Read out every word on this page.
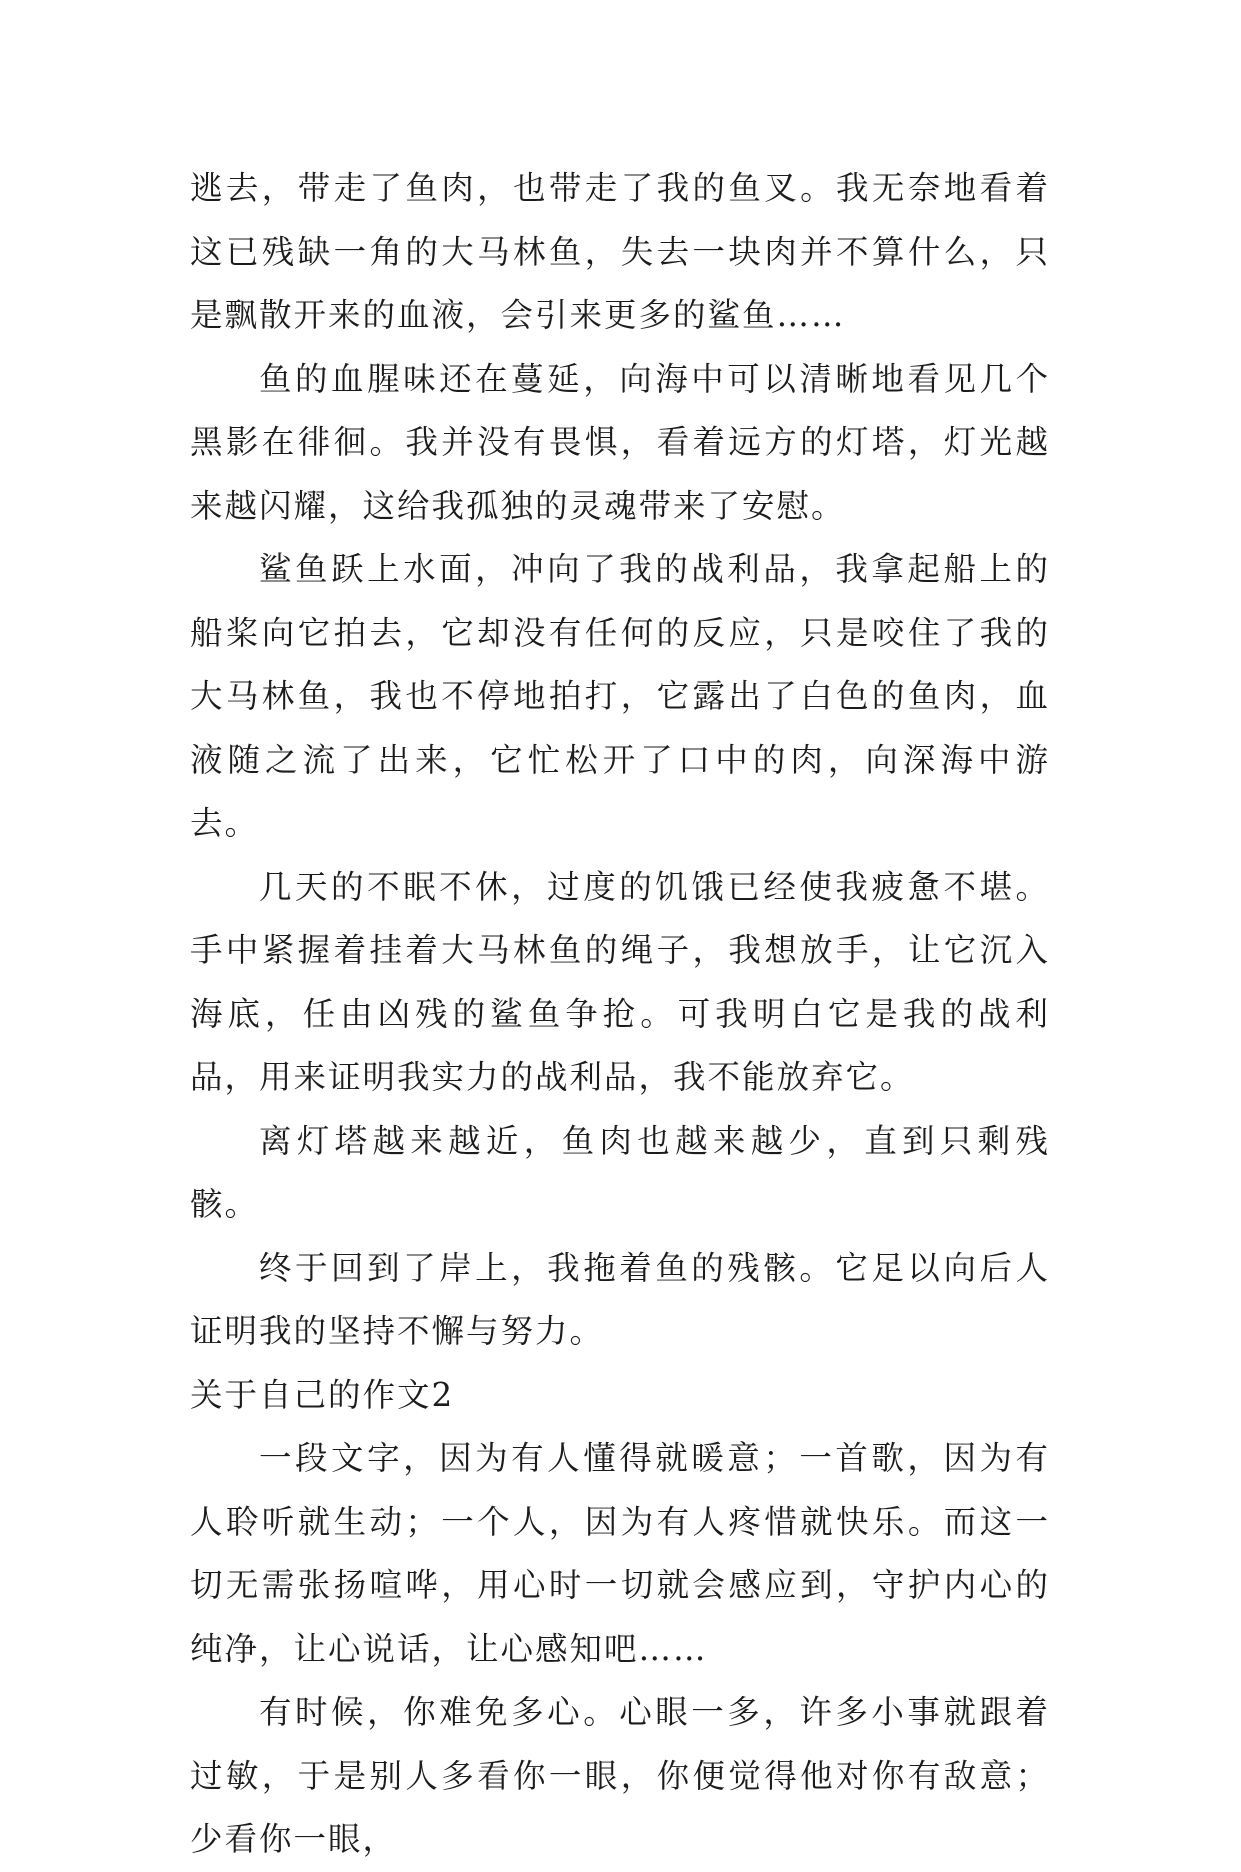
逃去，带走了鱼肉，也带走了我的鱼叉。我无奈地看着这已残缺一角的大马林鱼，失去一块肉并不算什么，只是飘散开来的血液，会引来更多的鲨鱼……

鱼的血腥味还在蔓延，向海中可以清晰地看见几个黑影在徘徊。我并没有畏惧，看着远方的灯塔，灯光越来越闪耀，这给我孤独的灵魂带来了安慰。

鲨鱼跃上水面，冲向了我的战利品，我拿起船上的船桨向它拍去，它却没有任何的反应，只是咬住了我的大马林鱼，我也不停地拍打，它露出了白色的鱼肉，血液随之流了出来，它忙松开了口中的肉，向深海中游去。

几天的不眠不休，过度的饥饿已经使我疲惫不堪。手中紧握着挂着大马林鱼的绳子，我想放手，让它沉入海底，任由凶残的鲨鱼争抢。可我明白它是我的战利品，用来证明我实力的战利品，我不能放弃它。

离灯塔越来越近，鱼肉也越来越少，直到只剩残骸。

终于回到了岸上，我拖着鱼的残骸。它足以向后人证明我的坚持不懈与努力。

关于自己的作文2

一段文字，因为有人懂得就暖意；一首歌，因为有人聆听就生动；一个人，因为有人疼惜就快乐。而这一切无需张扬喧哗，用心时一切就会感应到，守护内心的纯净，让心说话，让心感知吧……

有时候，你难免多心。心眼一多，许多小事就跟着过敏，于是别人多看你一眼，你便觉得他对你有敌意；少看你一眼，
